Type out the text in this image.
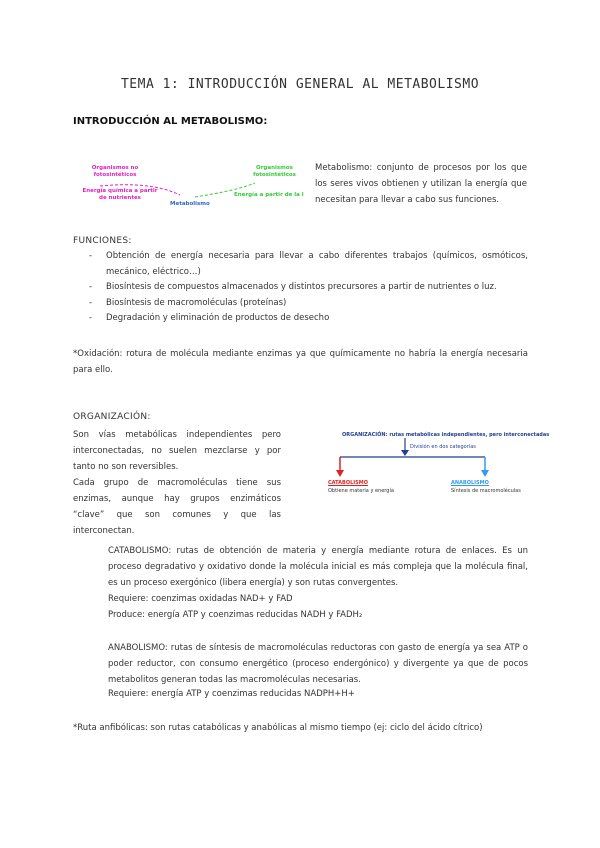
TEMA 1: INTRODUCCIÓN GENERAL AL METABOLISMO
INTRODUCCIÓN AL METABOLISMO:
Organismos no fotosintéticos
Organismos fotosintéticos
Energía química a partir de nutrientes
Metabolismo
Energía a partir de la l
Metabolismo: conjunto de procesos por los que los seres vivos obtienen y utilizan la energía que necesitan para llevar a cabo sus funciones.
FUNCIONES:
- Obtención de energía necesaria para llevar a cabo diferentes trabajos (químicos, osmóticos, mecánico, eléctrico…)
- Biosíntesis de compuestos almacenados y distintos precursores a partir de nutrientes o luz.
- Biosíntesis de macromoléculas (proteínas)
- Degradación y eliminación de productos de desecho
*Oxidación: rotura de molécula mediante enzimas ya que químicamente no habría la energía necesaria para ello.
ORGANIZACIÓN:
Son vías metabólicas independientes pero interconectadas, no suelen mezclarse y por tanto no son reversibles.
Cada grupo de macromoléculas tiene sus enzimas, aunque hay grupos enzimáticos “clave” que son comunes y que las interconectan.
ORGANIZACIÓN: rutas metabólicas independientes, pero interconectadas
División en dos categorías
CATABOLISMO
Obtiene materia y energía
ANABOLISMO
Síntesis de macromoléculas
CATABOLISMO: rutas de obtención de materia y energía mediante rotura de enlaces. Es un proceso degradativo y oxidativo donde la molécula inicial es más compleja que la molécula final, es un proceso exergónico (libera energía) y son rutas convergentes.
Requiere: coenzimas oxidadas NAD+ y FAD
Produce: energía ATP y coenzimas reducidas NADH y FADH₂
ANABOLISMO: rutas de síntesis de macromoléculas reductoras con gasto de energía ya sea ATP o poder reductor, con consumo energético (proceso endergónico) y divergente ya que de pocos metabolitos generan todas las macromoléculas necesarias.
Requiere: energía ATP y coenzimas reducidas NADPH+H+
*Ruta anfibólicas: son rutas catabólicas y anabólicas al mismo tiempo (ej: ciclo del ácido cítrico)
